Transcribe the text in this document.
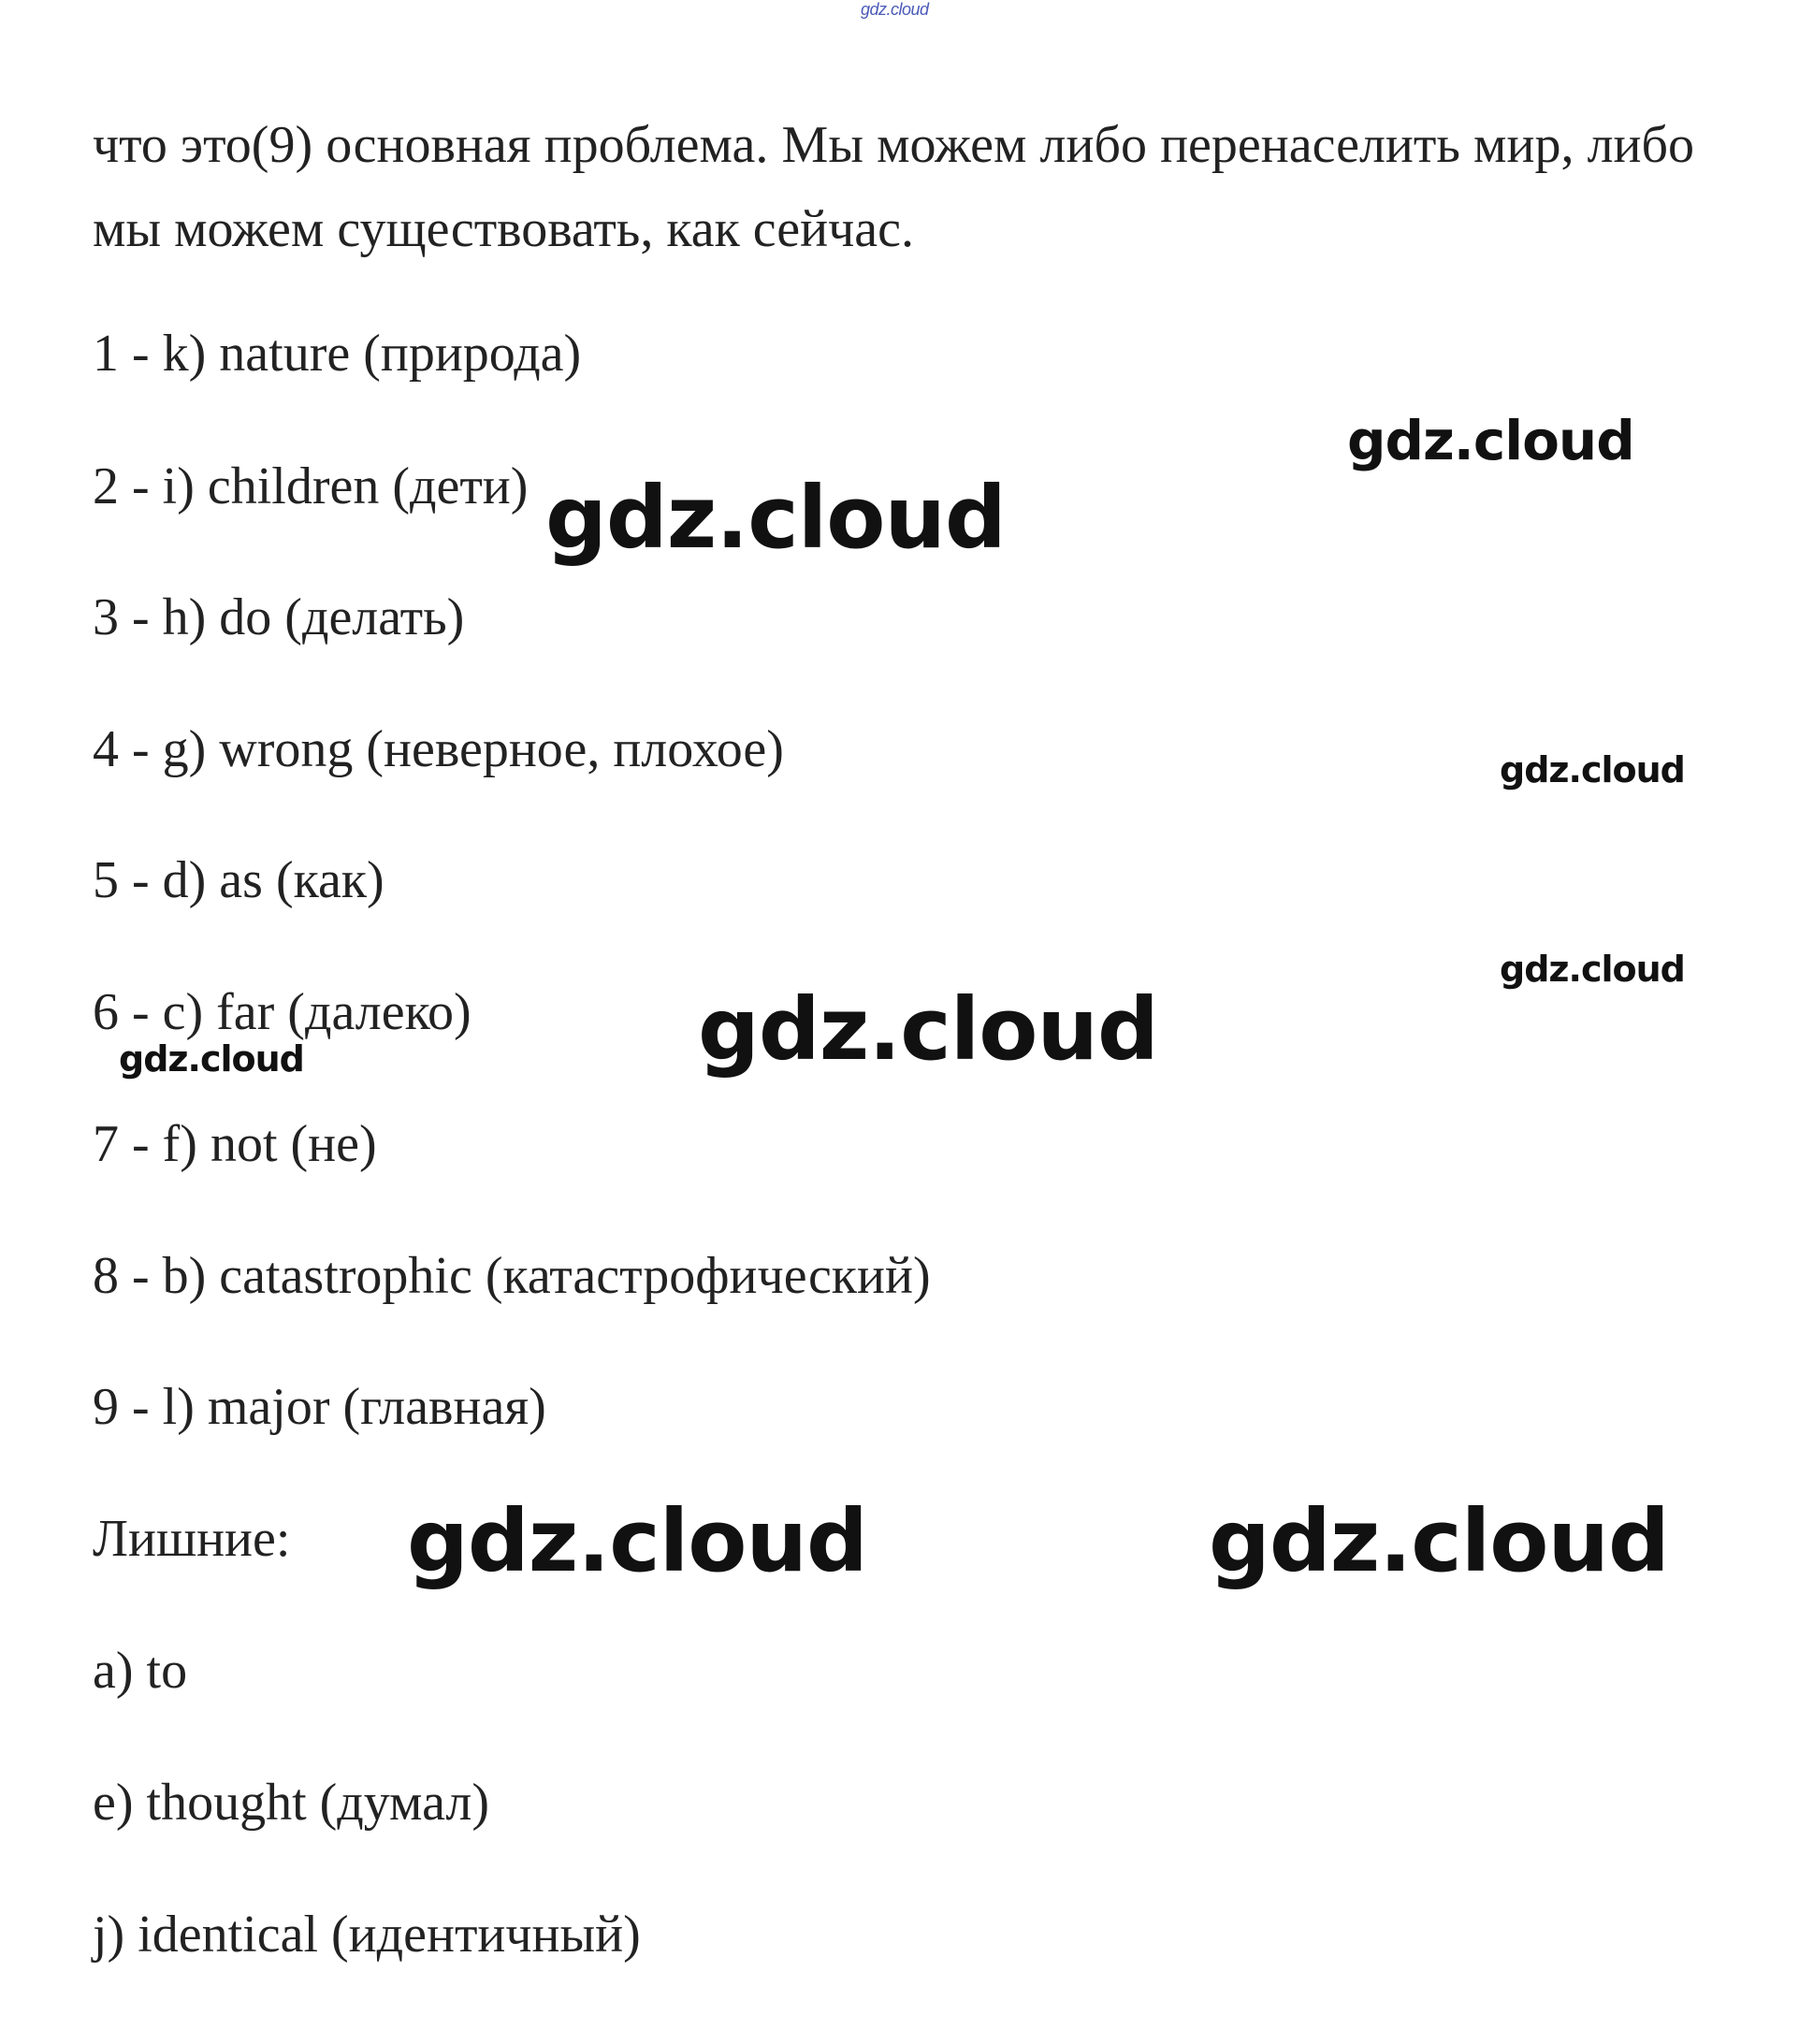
gdz.cloud
что это(9) основная проблема. Мы можем либо перенаселить мир, либо мы можем существовать, как сейчас.
1 - k) nature (природа)
2 - i) children (дети)
3 - h) do (делать)
4 - g) wrong (неверное, плохое)
5 - d) as (как)
6 - c) far (далеко)
7 - f) not (не)
8 - b) catastrophic (катастрофический)
9 - l) major (главная)
Лишние:
a) to
e) thought (думал)
j) identical (идентичный)
gdz.cloud
gdz.cloud
gdz.cloud
gdz.cloud
gdz.cloud
gdz.cloud
gdz.cloud	gdz.cloud
